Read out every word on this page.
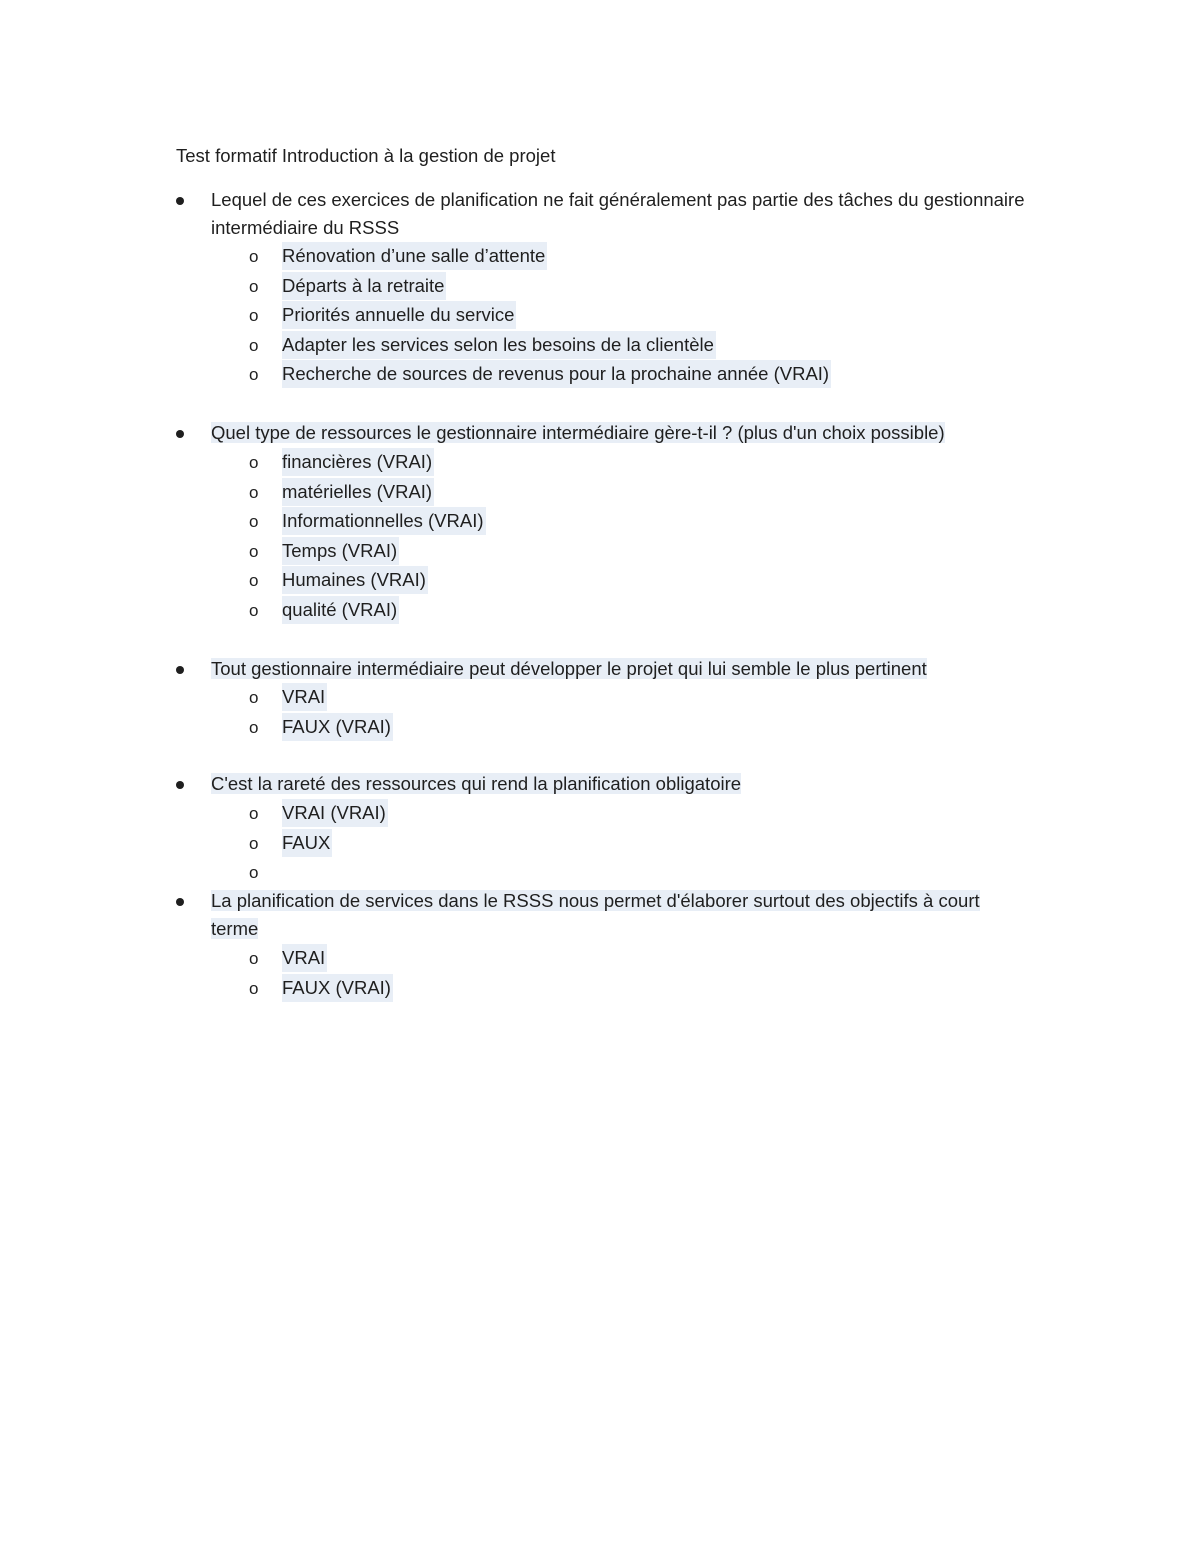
Test formatif Introduction à la gestion de projet
Lequel de ces exercices de planification ne fait généralement pas partie des tâches du gestionnaire intermédiaire du RSSS
o Rénovation d’une salle d’attente
o Départs à la retraite
o Priorités annuelle du service
o Adapter les services selon les besoins de la clientèle
o Recherche de sources de revenus pour la prochaine année (VRAI)
Quel type de ressources le gestionnaire intermédiaire gère-t-il ? (plus d'un choix possible)
o financières (VRAI)
o matérielles (VRAI)
o Informationnelles (VRAI)
o Temps (VRAI)
o Humaines (VRAI)
o qualité (VRAI)
Tout gestionnaire intermédiaire peut développer le projet qui lui semble le plus pertinent
o VRAI
o FAUX (VRAI)
C'est la rareté des ressources qui rend la planification obligatoire
o VRAI (VRAI)
o FAUX
o
La planification de services dans le RSSS nous permet d'élaborer surtout des objectifs à court terme
o VRAI
o FAUX (VRAI)
